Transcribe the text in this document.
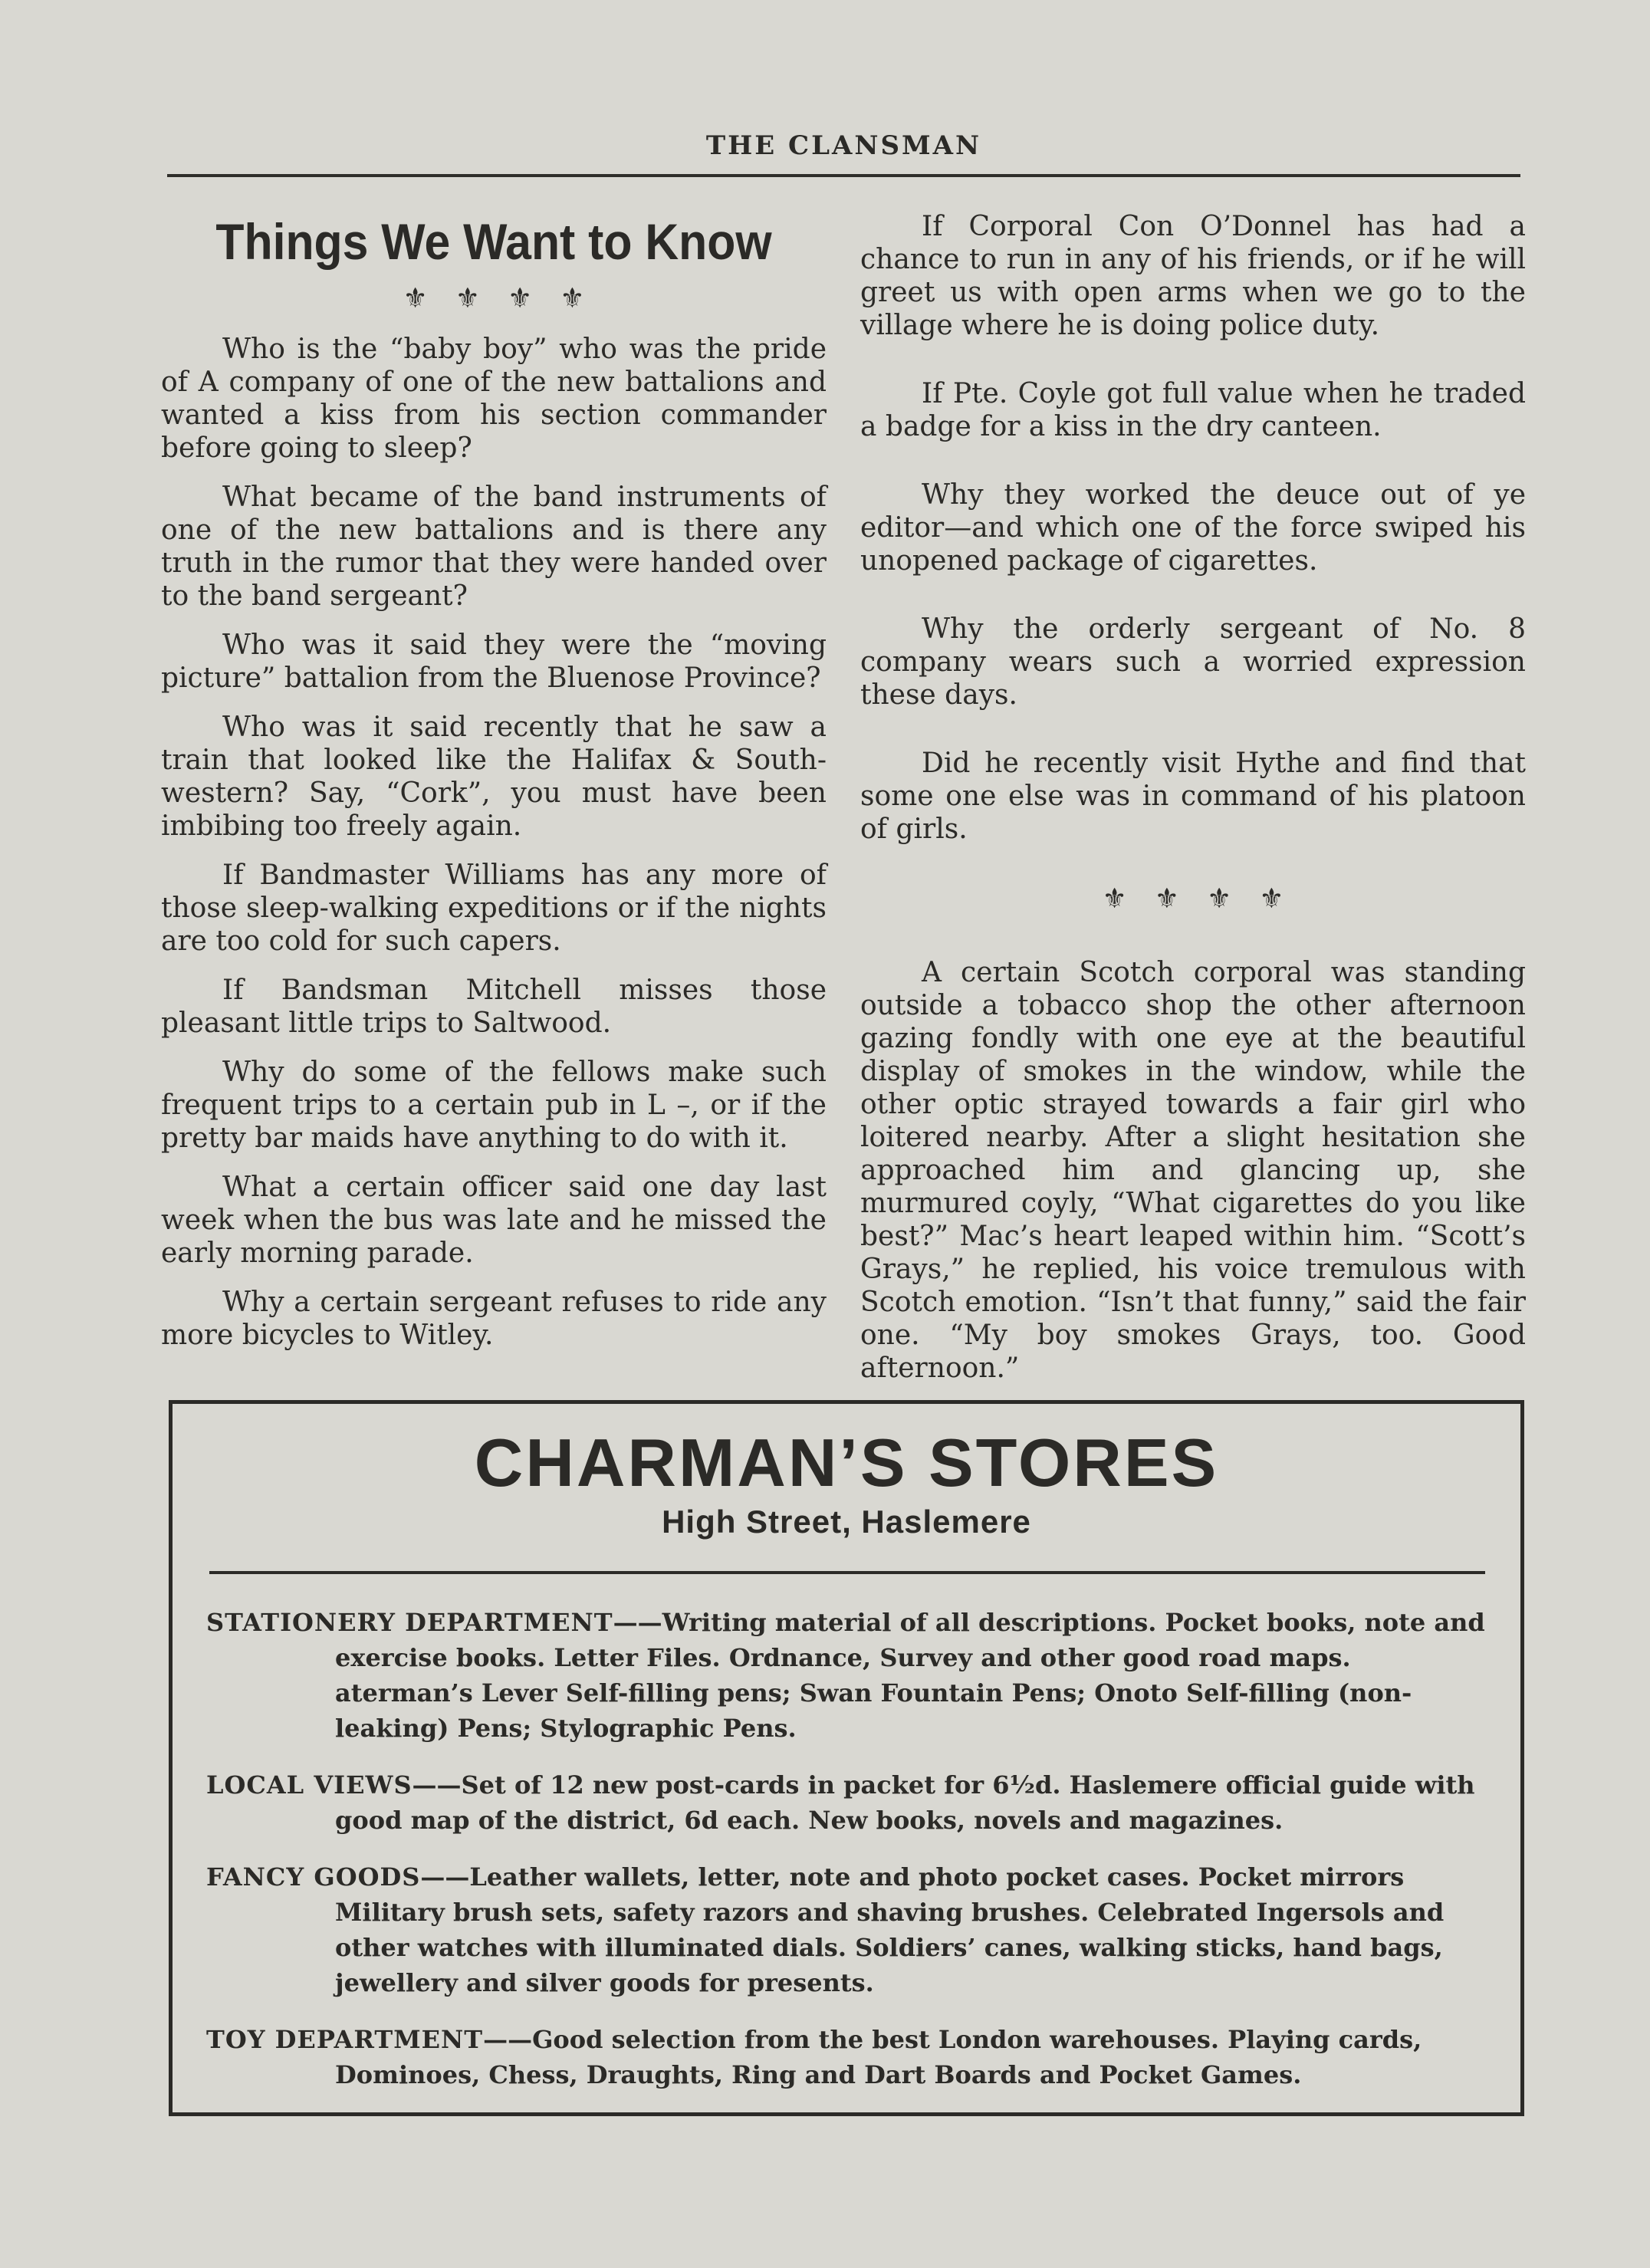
THE CLANSMAN
Things We Want to Know
⚜⚜⚜⚜

Who is the “baby boy” who was the pride of A company of one of the new battalions and wanted a kiss from his section commander before going to sleep?

What became of the band instruments of one of the new battalions and is there any truth in the rumor that they were handed over to the band sergeant?

Who was it said they were the “moving picture” battalion from the Bluenose Province?

Who was it said recently that he saw a train that looked like the Halifax & South-western? Say, “Cork”, you must have been imbibing too freely again.

If Bandmaster Williams has any more of those sleep-walking expeditions or if the nights are too cold for such capers.

If Bandsman Mitchell misses those pleasant little trips to Saltwood.

Why do some of the fellows make such frequent trips to a certain pub in L –, or if the pretty bar maids have anything to do with it.

What a certain officer said one day last week when the bus was late and he missed the early morning parade.

Why a certain sergeant refuses to ride any more bicycles to Witley.

If Corporal Con O’Donnel has had a chance to run in any of his friends, or if he will greet us with open arms when we go to the village where he is doing police duty.

If Pte. Coyle got full value when he traded a badge for a kiss in the dry canteen.

Why they worked the deuce out of ye editor—and which one of the force swiped his unopened package of cigarettes.

Why the orderly sergeant of No. 8 company wears such a worried expression these days.

Did he recently visit Hythe and find that some one else was in command of his platoon of girls.

⚜⚜⚜⚜

A certain Scotch corporal was standing outside a tobacco shop the other afternoon gazing fondly with one eye at the beautiful display of smokes in the window, while the other optic strayed towards a fair girl who loitered nearby. After a slight hesitation she approached him and glancing up, she murmured coyly, “What cigarettes do you like best?” Mac’s heart leaped within him. “Scott’s Grays,” he replied, his voice tremulous with Scotch emotion. “Isn’t that funny,” said the fair one. “My boy smokes Grays, too. Good afternoon.”

CHARMAN’S STORES
High Street, Haslemere
STATIONERY DEPARTMENT——Writing material of all descriptions. Pocket books, note and exercise books. Letter Files. Ordnance, Survey and other good road maps. aterman’s Lever Self-filling pens; Swan Fountain Pens; Onoto Self-filling (non-leaking) Pens; Stylographic Pens.
LOCAL VIEWS——Set of 12 new post-cards in packet for 6½d. Haslemere official guide with good map of the district, 6d each. New books, novels and magazines.
FANCY GOODS——Leather wallets, letter, note and photo pocket cases. Pocket mirrors Military brush sets, safety razors and shaving brushes. Celebrated Ingersols and other watches with illuminated dials. Soldiers’ canes, walking sticks, hand bags, jewellery and silver goods for presents.
TOY DEPARTMENT——Good selection from the best London warehouses. Playing cards, Dominoes, Chess, Draughts, Ring and Dart Boards and Pocket Games.
